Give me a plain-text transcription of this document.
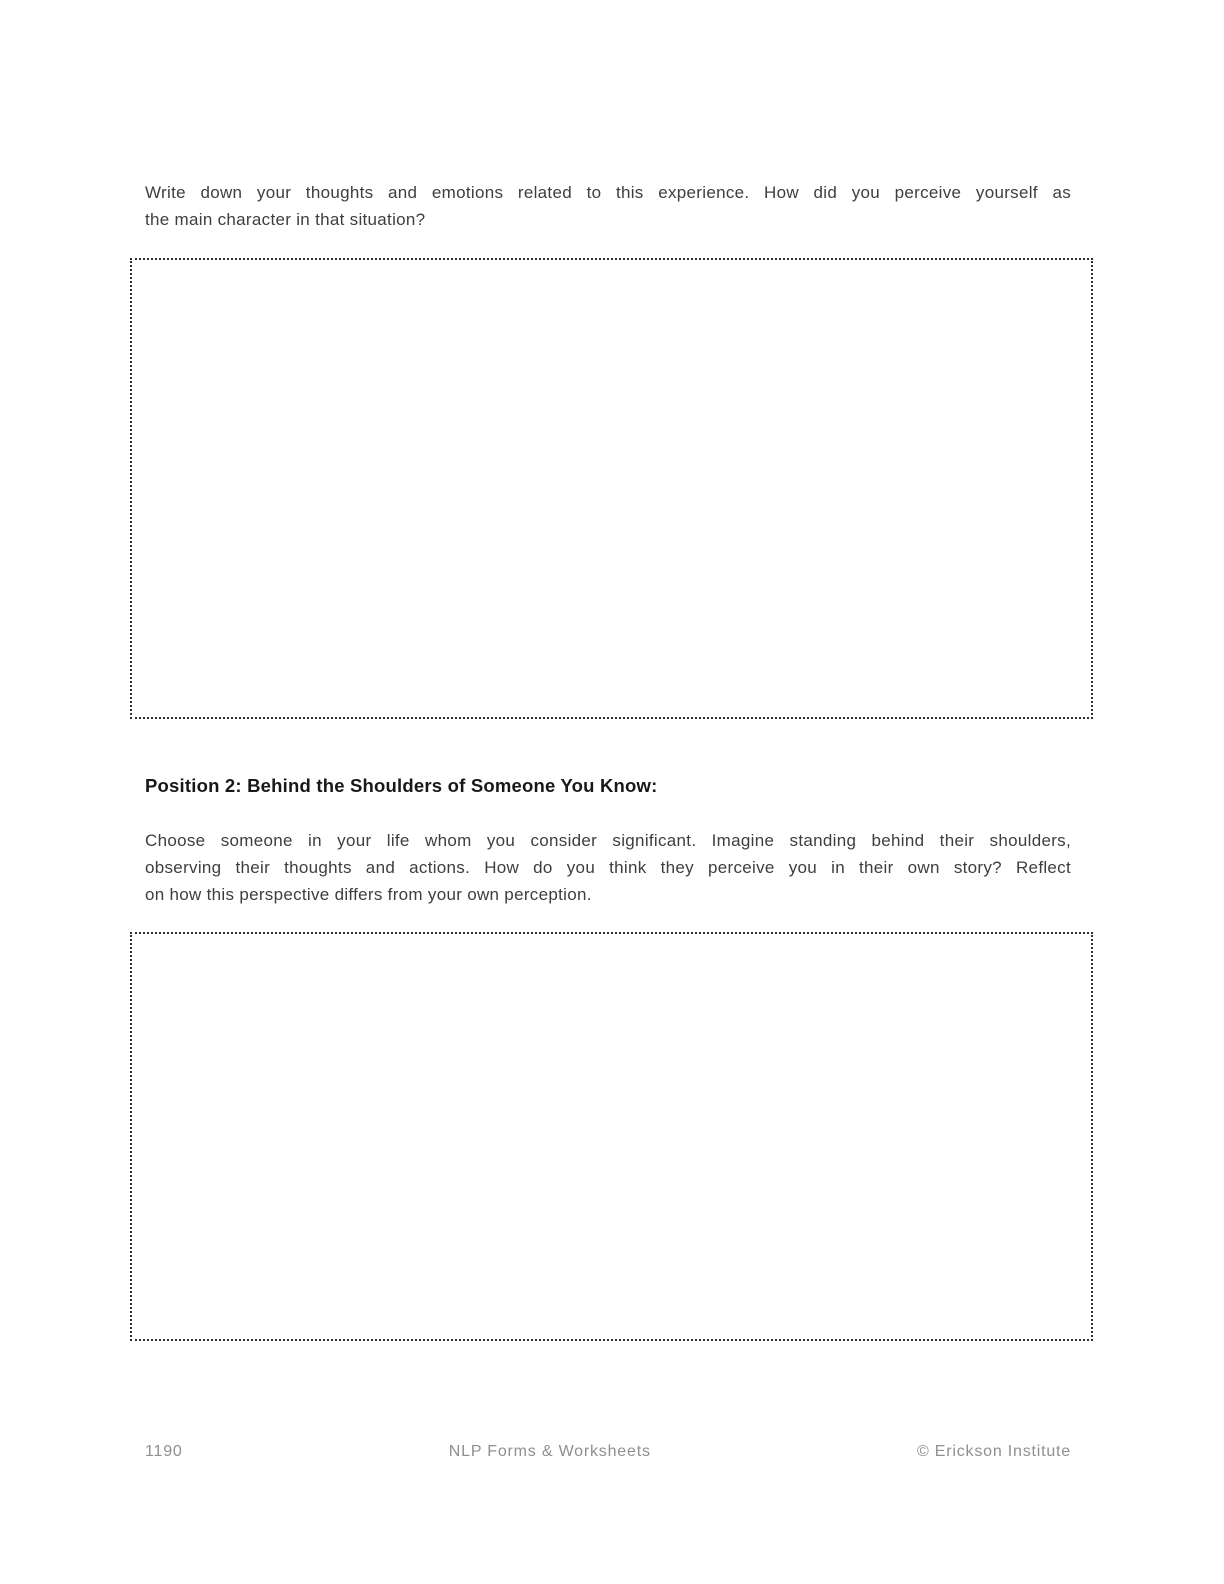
Write down your thoughts and emotions related to this experience. How did you perceive yourself as
the main character in that situation?

Position 2: Behind the Shoulders of Someone You Know:

Choose someone in your life whom you consider significant. Imagine standing behind their shoulders,
observing their thoughts and actions. How do you think they perceive you in their own story? Reflect
on how this perspective differs from your own perception.

1190	NLP Forms & Worksheets	© Erickson Institute
